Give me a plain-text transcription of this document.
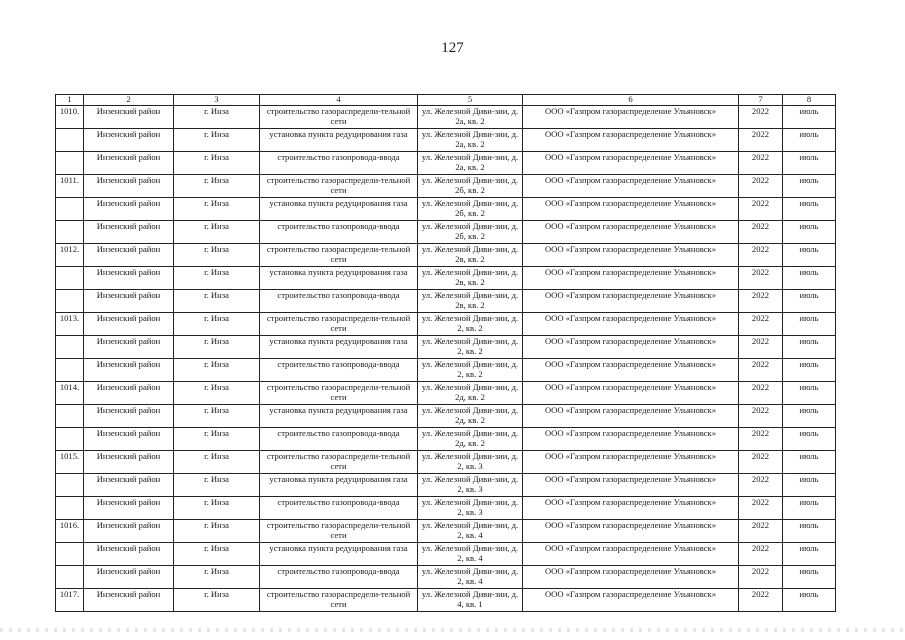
127
1	2	3	4	5	6	7	8
1010.	Инзенский район	г. Инза	строительство газораспредели-тельной сети	ул. Железной Диви-зии, д. 2а, кв. 2	ООО «Газпром газораспределение Ульяновск»	2022	июль
	Инзенский район	г. Инза	установка пункта редуцирования газа	ул. Железной Диви-зии, д. 2а, кв. 2	ООО «Газпром газораспределение Ульяновск»	2022	июль
	Инзенский район	г. Инза	строительство газопровода-ввода	ул. Железной Диви-зии, д. 2а, кв. 2	ООО «Газпром газораспределение Ульяновск»	2022	июль
1011.	Инзенский район	г. Инза	строительство газораспредели-тельной сети	ул. Железной Диви-зии, д. 2б, кв. 2	ООО «Газпром газораспределение Ульяновск»	2022	июль
	Инзенский район	г. Инза	установка пункта редуцирования газа	ул. Железной Диви-зии, д. 2б, кв. 2	ООО «Газпром газораспределение Ульяновск»	2022	июль
	Инзенский район	г. Инза	строительство газопровода-ввода	ул. Железной Диви-зии, д. 2б, кв. 2	ООО «Газпром газораспределение Ульяновск»	2022	июль
1012.	Инзенский район	г. Инза	строительство газораспредели-тельной сети	ул. Железной Диви-зии, д. 2в, кв. 2	ООО «Газпром газораспределение Ульяновск»	2022	июль
	Инзенский район	г. Инза	установка пункта редуцирования газа	ул. Железной Диви-зии, д. 2в, кв. 2	ООО «Газпром газораспределение Ульяновск»	2022	июль
	Инзенский район	г. Инза	строительство газопровода-ввода	ул. Железной Диви-зии, д. 2в, кв. 2	ООО «Газпром газораспределение Ульяновск»	2022	июль
1013.	Инзенский район	г. Инза	строительство газораспредели-тельной сети	ул. Железной Диви-зии, д. 2, кв. 2	ООО «Газпром газораспределение Ульяновск»	2022	июль
	Инзенский район	г. Инза	установка пункта редуцирования газа	ул. Железной Диви-зии, д. 2, кв. 2	ООО «Газпром газораспределение Ульяновск»	2022	июль
	Инзенский район	г. Инза	строительство газопровода-ввода	ул. Железной Диви-зии, д. 2, кв. 2	ООО «Газпром газораспределение Ульяновск»	2022	июль
1014.	Инзенский район	г. Инза	строительство газораспредели-тельной сети	ул. Железной Диви-зии, д. 2д, кв. 2	ООО «Газпром газораспределение Ульяновск»	2022	июль
	Инзенский район	г. Инза	установка пункта редуцирования газа	ул. Железной Диви-зии, д. 2д, кв. 2	ООО «Газпром газораспределение Ульяновск»	2022	июль
	Инзенский район	г. Инза	строительство газопровода-ввода	ул. Железной Диви-зии, д. 2д, кв. 2	ООО «Газпром газораспределение Ульяновск»	2022	июль
1015.	Инзенский район	г. Инза	строительство газораспредели-тельной сети	ул. Железной Диви-зии, д. 2, кв. 3	ООО «Газпром газораспределение Ульяновск»	2022	июль
	Инзенский район	г. Инза	установка пункта редуцирования газа	ул. Железной Диви-зии, д. 2, кв. 3	ООО «Газпром газораспределение Ульяновск»	2022	июль
	Инзенский район	г. Инза	строительство газопровода-ввода	ул. Железной Диви-зии, д. 2, кв. 3	ООО «Газпром газораспределение Ульяновск»	2022	июль
1016.	Инзенский район	г. Инза	строительство газораспредели-тельной сети	ул. Железной Диви-зии, д. 2, кв. 4	ООО «Газпром газораспределение Ульяновск»	2022	июль
	Инзенский район	г. Инза	установка пункта редуцирования газа	ул. Железной Диви-зии, д. 2, кв. 4	ООО «Газпром газораспределение Ульяновск»	2022	июль
	Инзенский район	г. Инза	строительство газопровода-ввода	ул. Железной Диви-зии, д. 2, кв. 4	ООО «Газпром газораспределение Ульяновск»	2022	июль
1017.	Инзенский район	г. Инза	строительство газораспредели-тельной сети	ул. Железной Диви-зии, д. 4, кв. 1	ООО «Газпром газораспределение Ульяновск»	2022	июль
